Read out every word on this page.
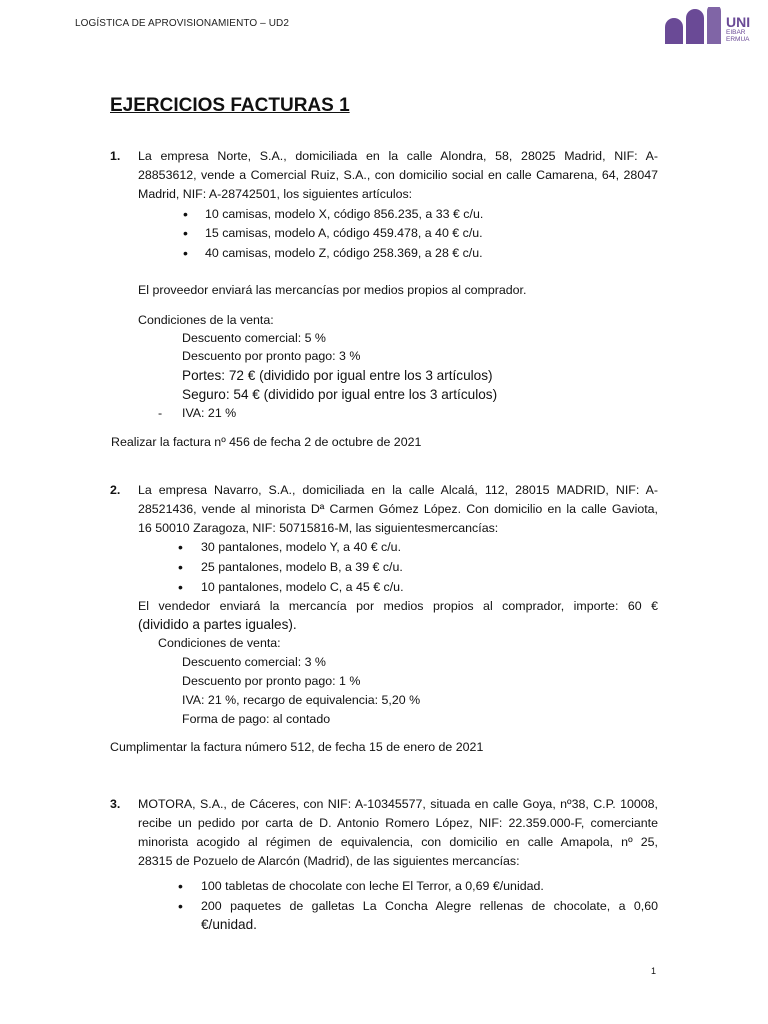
LOGÍSTICA DE APROVISIONAMIENTO – UD2	UNI
EIBAR
ERMUA
EJERCICIOS FACTURAS 1
1. La empresa Norte, S.A., domiciliada en la calle Alondra, 58, 28025 Madrid, NIF: A-
28853612, vende a Comercial Ruiz, S.A., con domicilio social en calle Camarena, 64, 28047
Madrid, NIF: A-28742501, los siguientes artículos:
• 10 camisas, modelo X, código 856.235, a 33 € c/u.
• 15 camisas, modelo A, código 459.478, a 40 € c/u.
• 40 camisas, modelo Z, código 258.369, a 28 € c/u.
El proveedor enviará las mercancías por medios propios al comprador.
Condiciones de la venta:
Descuento comercial: 5 %
Descuento por pronto pago: 3 %
Portes: 72 € (dividido por igual entre los 3 artículos)
Seguro: 54 € (dividido por igual entre los 3 artículos)
- IVA: 21 %
Realizar la factura nº 456 de fecha 2 de octubre de 2021
2. La empresa Navarro, S.A., domiciliada en la calle Alcalá, 112, 28015 MADRID, NIF: A-
28521436, vende al minorista Dª Carmen Gómez López. Con domicilio en la calle Gaviota,
16 50010 Zaragoza, NIF: 50715816-M, las siguientesmercancías:
• 30 pantalones, modelo Y, a 40 € c/u.
• 25 pantalones, modelo B, a 39 € c/u.
• 10 pantalones, modelo C, a 45 € c/u.
El vendedor enviará la mercancía por medios propios al comprador, importe: 60 €
(dividido a partes iguales).
Condiciones de venta:
Descuento comercial: 3 %
Descuento por pronto pago: 1 %
IVA: 21 %, recargo de equivalencia: 5,20 %
Forma de pago: al contado
Cumplimentar la factura número 512, de fecha 15 de enero de 2021
3. MOTORA, S.A., de Cáceres, con NIF: A-10345577, situada en calle Goya, nº38, C.P. 10008,
recibe un pedido por carta de D. Antonio Romero López, NIF: 22.359.000-F, comerciante
minorista acogido al régimen de equivalencia, con domicilio en calle Amapola, nº 25,
28315 de Pozuelo de Alarcón (Madrid), de las siguientes mercancías:
• 100 tabletas de chocolate con leche El Terror, a 0,69 €/unidad.
• 200 paquetes de galletas La Concha Alegre rellenas de chocolate, a 0,60
€/unidad.
1
